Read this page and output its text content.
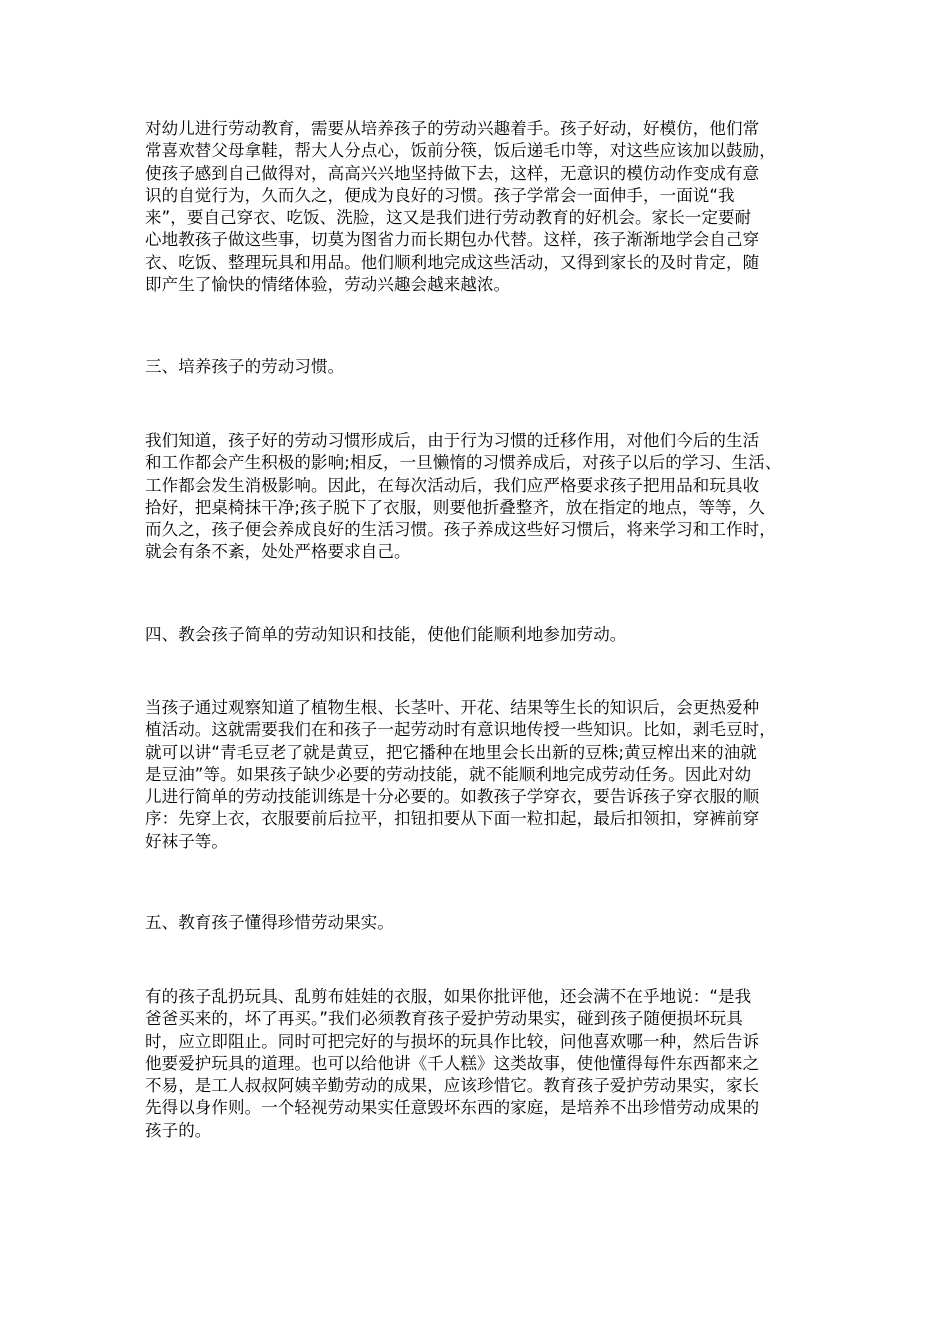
对幼儿进行劳动教育，需要从培养孩子的劳动兴趣着手。孩子好动，好模仿，他们常
常喜欢替父母拿鞋，帮大人分点心，饭前分筷，饭后递毛巾等，对这些应该加以鼓励，
使孩子感到自己做得对，高高兴兴地坚持做下去，这样，无意识的模仿动作变成有意
识的自觉行为，久而久之，便成为良好的习惯。孩子学常会一面伸手，一面说“我
来”，要自己穿衣、吃饭、洗脸，这又是我们进行劳动教育的好机会。家长一定要耐
心地教孩子做这些事，切莫为图省力而长期包办代替。这样，孩子渐渐地学会自己穿
衣、吃饭、整理玩具和用品。他们顺利地完成这些活动，又得到家长的及时肯定，随
即产生了愉快的情绪体验，劳动兴趣会越来越浓。
三、培养孩子的劳动习惯。
我们知道，孩子好的劳动习惯形成后，由于行为习惯的迁移作用，对他们今后的生活
和工作都会产生积极的影响;相反，一旦懒惰的习惯养成后，对孩子以后的学习、生活、
工作都会发生消极影响。因此，在每次活动后，我们应严格要求孩子把用品和玩具收
拾好，把桌椅抹干净;孩子脱下了衣服，则要他折叠整齐，放在指定的地点，等等，久
而久之，孩子便会养成良好的生活习惯。孩子养成这些好习惯后，将来学习和工作时，
就会有条不紊，处处严格要求自己。
四、教会孩子简单的劳动知识和技能，使他们能顺利地参加劳动。
当孩子通过观察知道了植物生根、长茎叶、开花、结果等生长的知识后，会更热爱种
植活动。这就需要我们在和孩子一起劳动时有意识地传授一些知识。比如，剥毛豆时，
就可以讲“青毛豆老了就是黄豆，把它播种在地里会长出新的豆株;黄豆榨出来的油就
是豆油”等。如果孩子缺少必要的劳动技能，就不能顺利地完成劳动任务。因此对幼
儿进行简单的劳动技能训练是十分必要的。如教孩子学穿衣，要告诉孩子穿衣服的顺
序：先穿上衣，衣服要前后拉平，扣钮扣要从下面一粒扣起，最后扣领扣，穿裤前穿
好袜子等。
五、教育孩子懂得珍惜劳动果实。
有的孩子乱扔玩具、乱剪布娃娃的衣服，如果你批评他，还会满不在乎地说：“是我
爸爸买来的，坏了再买。”我们必须教育孩子爱护劳动果实，碰到孩子随便损坏玩具
时，应立即阻止。同时可把完好的与损坏的玩具作比较，问他喜欢哪一种，然后告诉
他要爱护玩具的道理。也可以给他讲《千人糕》这类故事，使他懂得每件东西都来之
不易，是工人叔叔阿姨辛勤劳动的成果，应该珍惜它。教育孩子爱护劳动果实，家长
先得以身作则。一个轻视劳动果实任意毁坏东西的家庭，是培养不出珍惜劳动成果的
孩子的。
